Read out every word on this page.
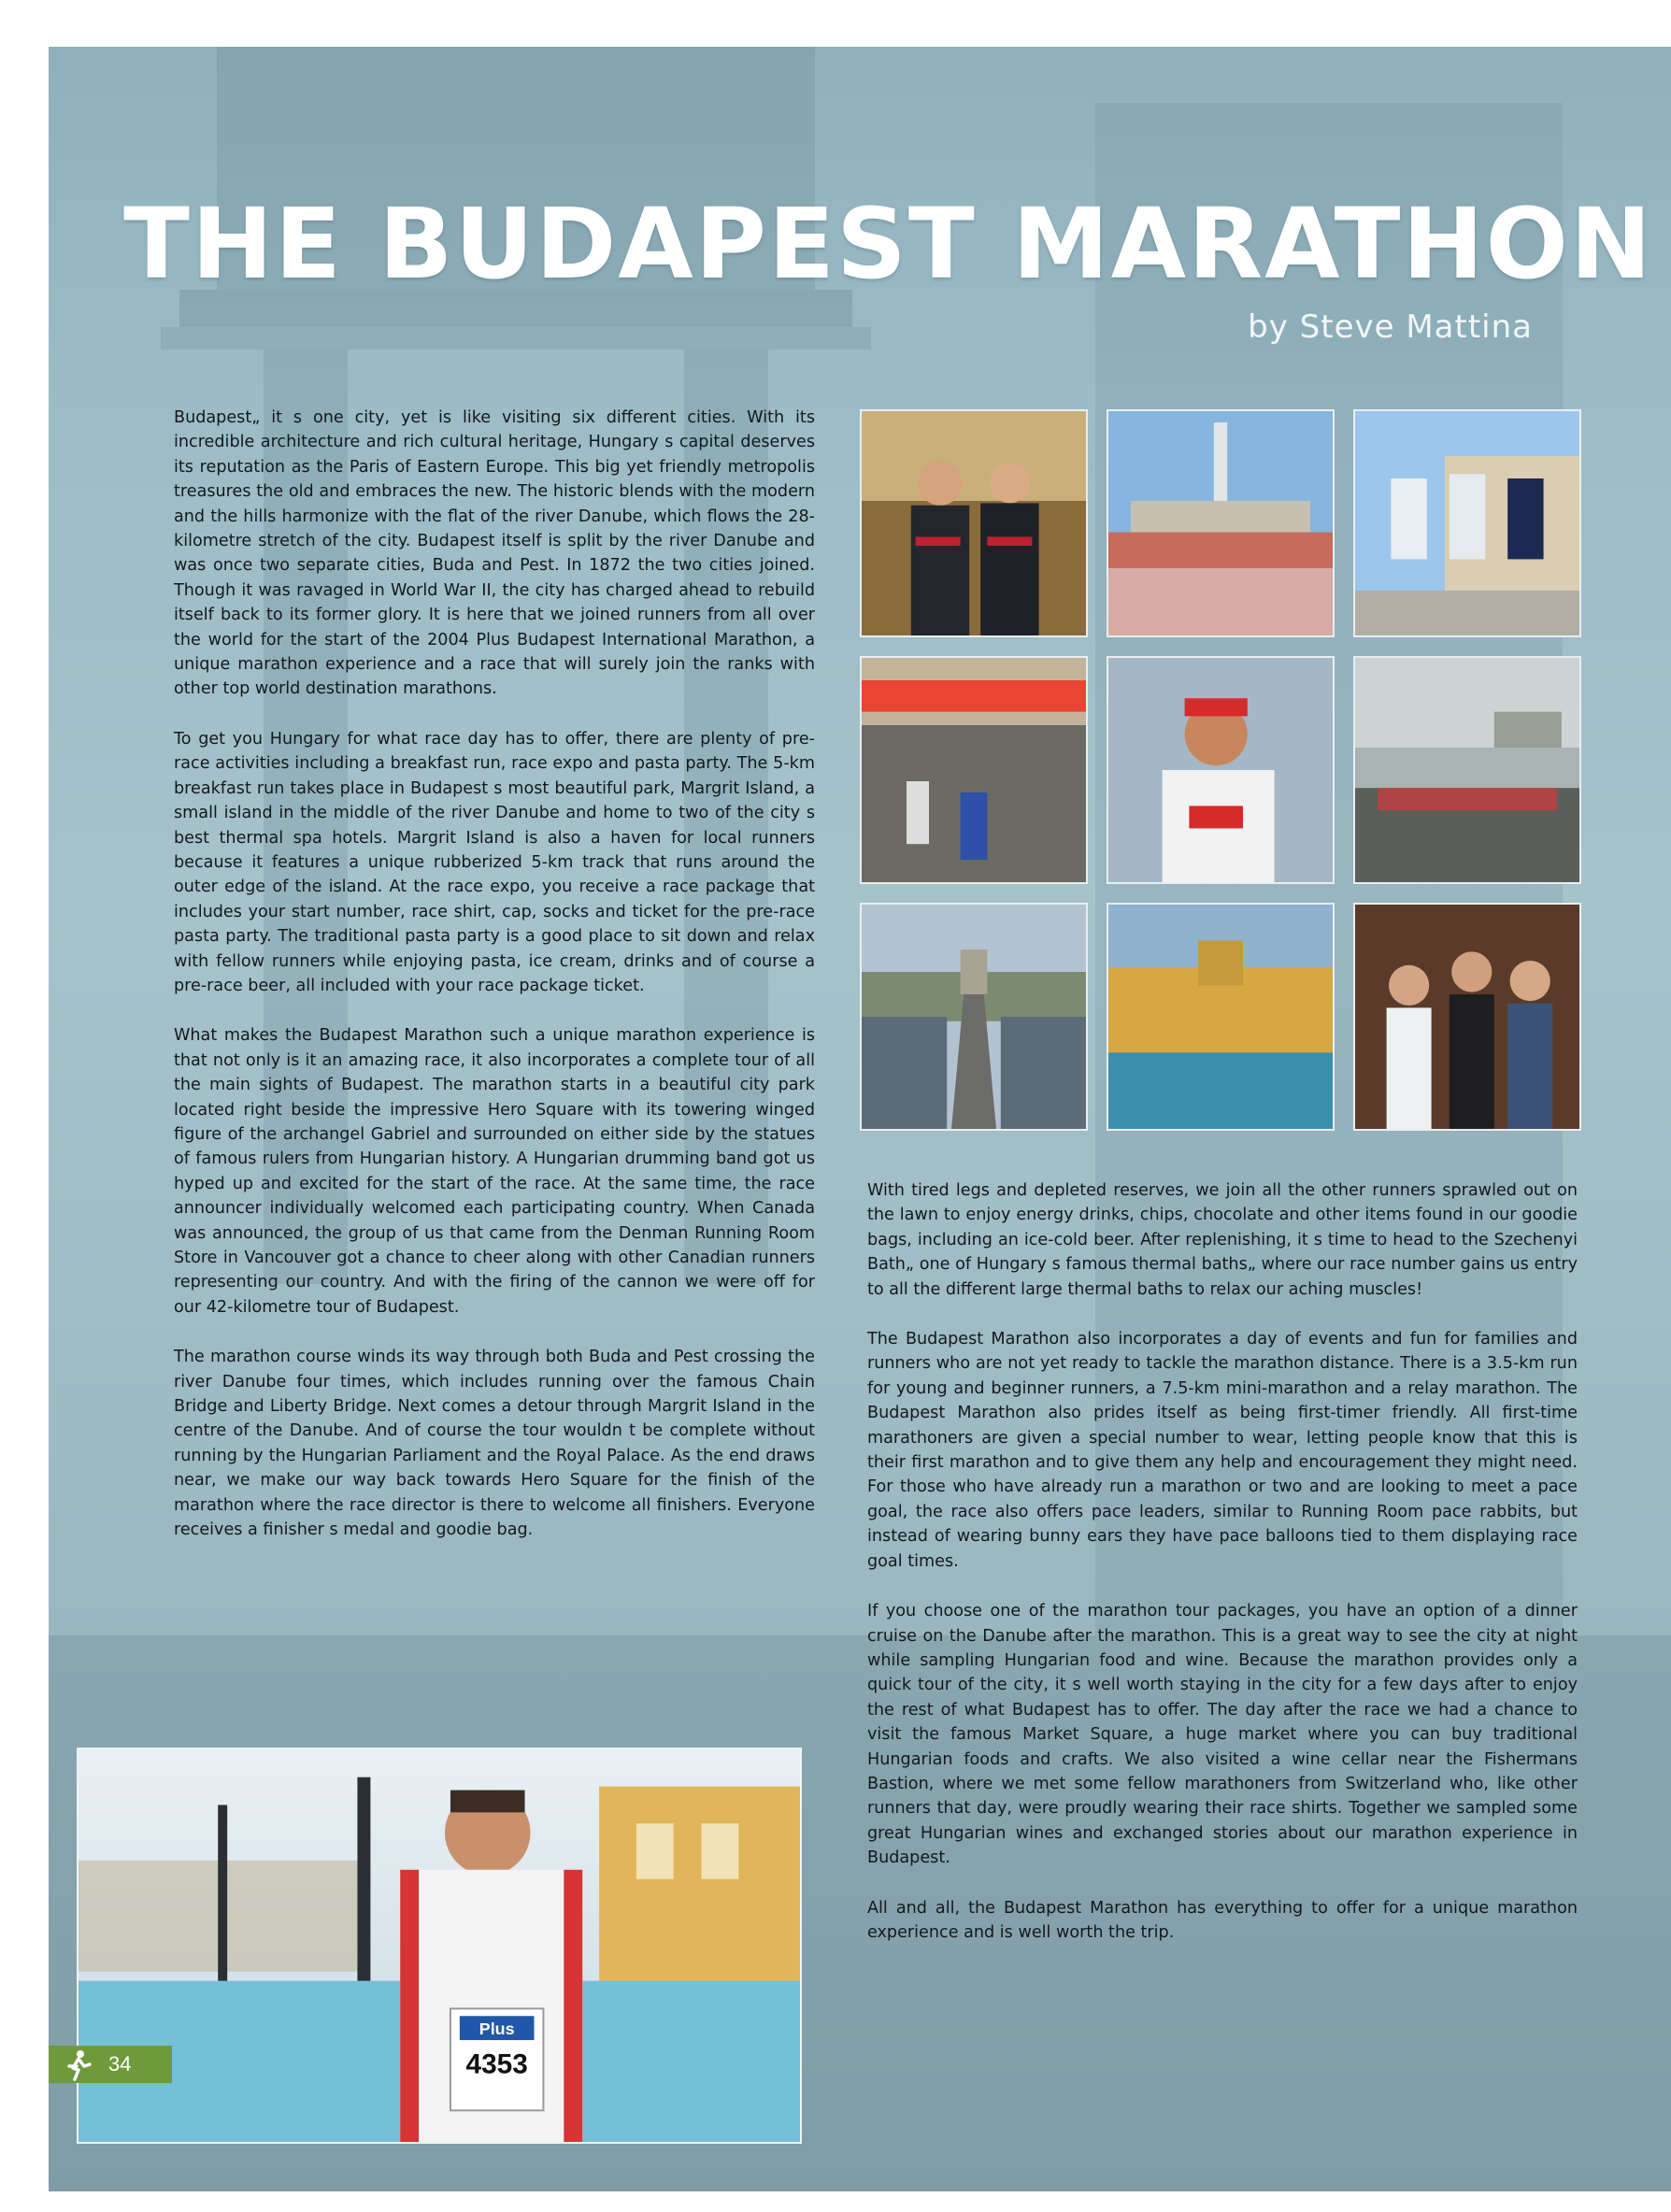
THE BUDAPEST MARATHON
by Steve Mattina

Budapest„ it s one city, yet is like visiting six different cities. With its incredible architecture and rich cultural heritage, Hungary s capital deserves its reputation as the Paris of Eastern Europe. This big yet friendly metropolis treasures the old and embraces the new. The historic blends with the modern and the hills harmonize with the flat of the river Danube, which flows the 28-kilometre stretch of the city. Budapest itself is split by the river Danube and was once two separate cities, Buda and Pest. In 1872 the two cities joined. Though it was ravaged in World War II, the city has charged ahead to rebuild itself back to its former glory. It is here that we joined runners from all over the world for the start of the 2004 Plus Budapest International Marathon, a unique marathon experience and a race that will surely join the ranks with other top world destination marathons.

To get you Hungary for what race day has to offer, there are plenty of pre-race activities including a breakfast run, race expo and pasta party. The 5-km breakfast run takes place in Budapest s most beautiful park, Margrit Island, a small island in the middle of the river Danube and home to two of the city s best thermal spa hotels. Margrit Island is also a haven for local runners because it features a unique rubberized 5-km track that runs around the outer edge of the island. At the race expo, you receive a race package that includes your start number, race shirt, cap, socks and ticket for the pre-race pasta party. The traditional pasta party is a good place to sit down and relax with fellow runners while enjoying pasta, ice cream, drinks and of course a pre-race beer, all included with your race package ticket.

What makes the Budapest Marathon such a unique marathon experience is that not only is it an amazing race, it also incorporates a complete tour of all the main sights of Budapest. The marathon starts in a beautiful city park located right beside the impressive Hero Square with its towering winged figure of the archangel Gabriel and surrounded on either side by the statues of famous rulers from Hungarian history. A Hungarian drumming band got us hyped up and excited for the start of the race. At the same time, the race announcer individually welcomed each participating country. When Canada was announced, the group of us that came from the Denman Running Room Store in Vancouver got a chance to cheer along with other Canadian runners representing our country. And with the firing of the cannon we were off for our 42-kilometre tour of Budapest.

The marathon course winds its way through both Buda and Pest crossing the river Danube four times, which includes running over the famous Chain Bridge and Liberty Bridge. Next comes a detour through Margrit Island in the centre of the Danube. And of course the tour wouldn t be complete without running by the Hungarian Parliament and the Royal Palace. As the end draws near, we make our way back towards Hero Square for the finish of the marathon where the race director is there to welcome all finishers. Everyone receives a finisher s medal and goodie bag.

With tired legs and depleted reserves, we join all the other runners sprawled out on the lawn to enjoy energy drinks, chips, chocolate and other items found in our goodie bags, including an ice-cold beer. After replenishing, it s time to head to the Szechenyi Bath„ one of Hungary s famous thermal baths„ where our race number gains us entry to all the different large thermal baths to relax our aching muscles!

The Budapest Marathon also incorporates a day of events and fun for families and runners who are not yet ready to tackle the marathon distance. There is a 3.5-km run for young and beginner runners, a 7.5-km mini-marathon and a relay marathon. The Budapest Marathon also prides itself as being first-timer friendly. All first-time marathoners are given a special number to wear, letting people know that this is their first marathon and to give them any help and encouragement they might need. For those who have already run a marathon or two and are looking to meet a pace goal, the race also offers pace leaders, similar to Running Room pace rabbits, but instead of wearing bunny ears they have pace balloons tied to them displaying race goal times.

If you choose one of the marathon tour packages, you have an option of a dinner cruise on the Danube after the marathon. This is a great way to see the city at night while sampling Hungarian food and wine. Because the marathon provides only a quick tour of the city, it s well worth staying in the city for a few days after to enjoy the rest of what Budapest has to offer. The day after the race we had a chance to visit the famous Market Square, a huge market where you can buy traditional Hungarian foods and crafts. We also visited a wine cellar near the Fishermans Bastion, where we met some fellow marathoners from Switzerland who, like other runners that day, were proudly wearing their race shirts. Together we sampled some great Hungarian wines and exchanged stories about our marathon experience in Budapest.

All and all, the Budapest Marathon has everything to offer for a unique marathon experience and is well worth the trip.

Plus
4353
34
